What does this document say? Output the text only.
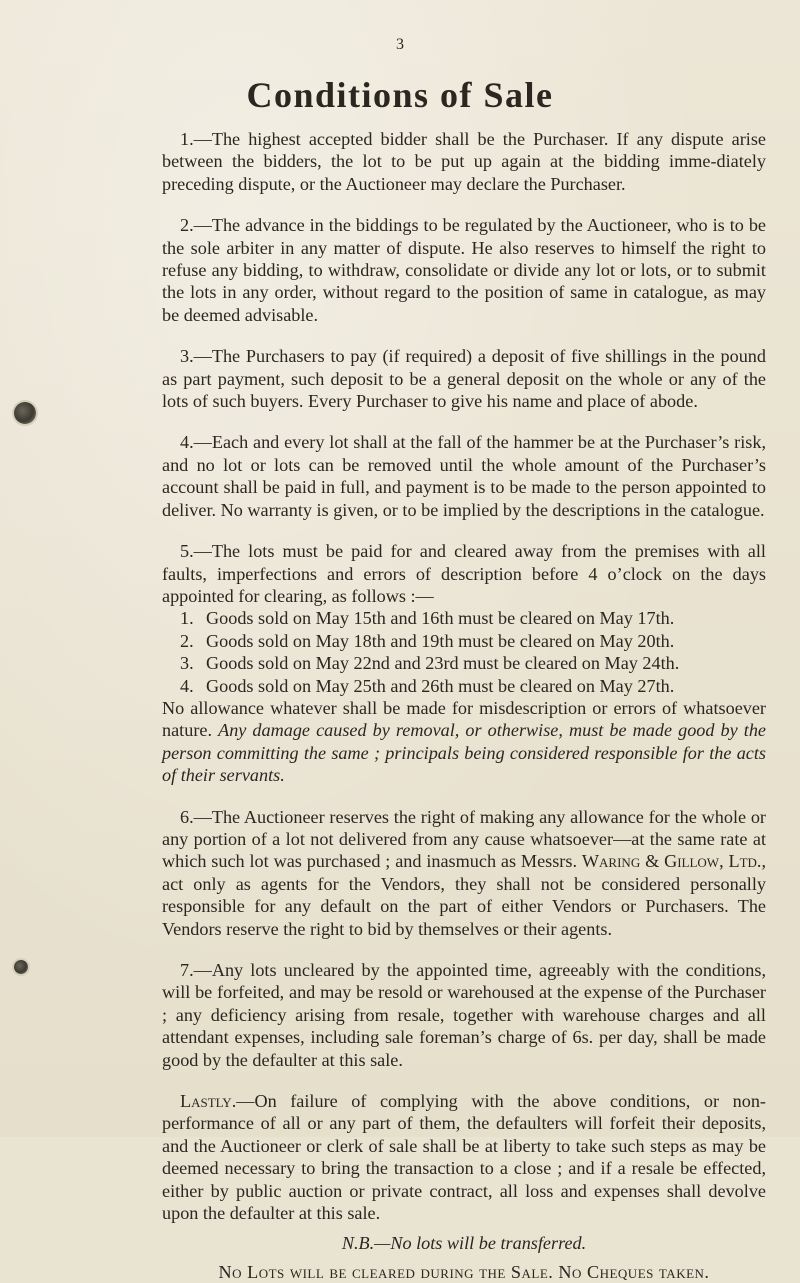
3
Conditions of Sale

1.—The highest accepted bidder shall be the Purchaser. If any dispute arise between the bidders, the lot to be put up again at the bidding imme-diately preceding dispute, or the Auctioneer may declare the Purchaser.

2.—The advance in the biddings to be regulated by the Auctioneer, who is to be the sole arbiter in any matter of dispute. He also reserves to himself the right to refuse any bidding, to withdraw, consolidate or divide any lot or lots, or to submit the lots in any order, without regard to the position of same in catalogue, as may be deemed advisable.

3.—The Purchasers to pay (if required) a deposit of five shillings in the pound as part payment, such deposit to be a general deposit on the whole or any of the lots of such buyers. Every Purchaser to give his name and place of abode.

4.—Each and every lot shall at the fall of the hammer be at the Purchaser’s risk, and no lot or lots can be removed until the whole amount of the Purchaser’s account shall be paid in full, and payment is to be made to the person appointed to deliver. No warranty is given, or to be implied by the descriptions in the catalogue.

5.—The lots must be paid for and cleared away from the premises with all faults, imperfections and errors of description before 4 o’clock on the days appointed for clearing, as follows :—

1. Goods sold on May 15th and 16th must be cleared on May 17th.
2. Goods sold on May 18th and 19th must be cleared on May 20th.
3. Goods sold on May 22nd and 23rd must be cleared on May 24th.
4. Goods sold on May 25th and 26th must be cleared on May 27th.

No allowance whatever shall be made for misdescription or errors of whatsoever nature. Any damage caused by removal, or otherwise, must be made good by the person committing the same ; principals being considered responsible for the acts of their servants.

6.—The Auctioneer reserves the right of making any allowance for the whole or any portion of a lot not delivered from any cause whatsoever—at the same rate at which such lot was purchased ; and inasmuch as Messrs. Waring & Gillow, Ltd., act only as agents for the Vendors, they shall not be considered personally responsible for any default on the part of either Vendors or Purchasers. The Vendors reserve the right to bid by themselves or their agents.

7.—Any lots uncleared by the appointed time, agreeably with the conditions, will be forfeited, and may be resold or warehoused at the expense of the Purchaser ; any deficiency arising from resale, together with warehouse charges and all attendant expenses, including sale foreman’s charge of 6s. per day, shall be made good by the defaulter at this sale.

Lastly.—On failure of complying with the above conditions, or non-performance of all or any part of them, the defaulters will forfeit their deposits, and the Auctioneer or clerk of sale shall be at liberty to take such steps as may be deemed necessary to bring the transaction to a close ; and if a resale be effected, either by public auction or private contract, all loss and expenses shall devolve upon the defaulter at this sale.

N.B.—No lots will be transferred.

No Lots will be cleared during the Sale. No Cheques taken.
